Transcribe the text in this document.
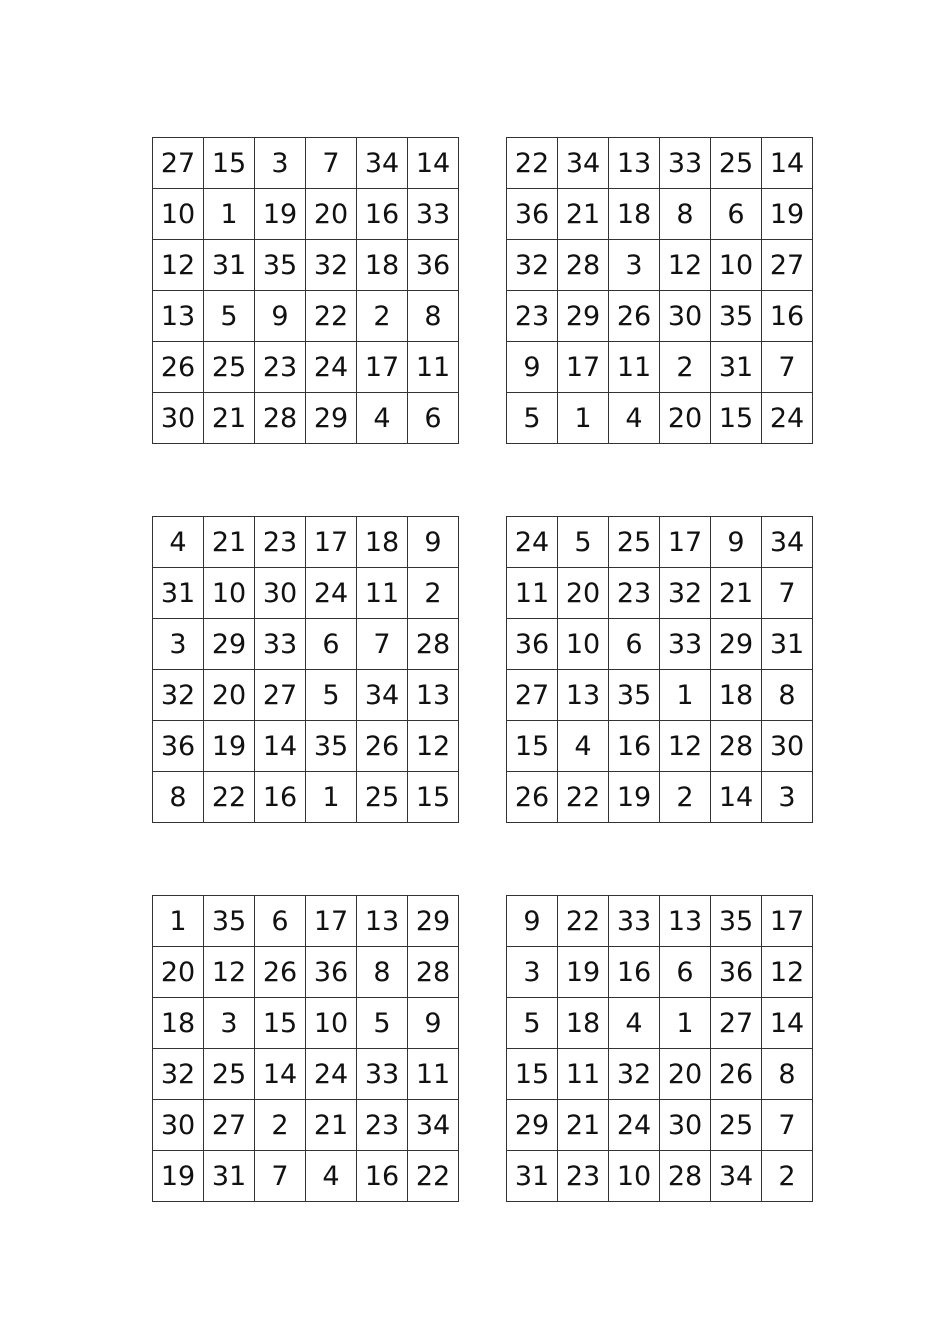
27	15	3	7	34	14
10	1	19	20	16	33
12	31	35	32	18	36
13	5	9	22	2	8
26	25	23	24	17	11
30	21	28	29	4	6
22	34	13	33	25	14
36	21	18	8	6	19
32	28	3	12	10	27
23	29	26	30	35	16
9	17	11	2	31	7
5	1	4	20	15	24
4	21	23	17	18	9
31	10	30	24	11	2
3	29	33	6	7	28
32	20	27	5	34	13
36	19	14	35	26	12
8	22	16	1	25	15
24	5	25	17	9	34
11	20	23	32	21	7
36	10	6	33	29	31
27	13	35	1	18	8
15	4	16	12	28	30
26	22	19	2	14	3
1	35	6	17	13	29
20	12	26	36	8	28
18	3	15	10	5	9
32	25	14	24	33	11
30	27	2	21	23	34
19	31	7	4	16	22
9	22	33	13	35	17
3	19	16	6	36	12
5	18	4	1	27	14
15	11	32	20	26	8
29	21	24	30	25	7
31	23	10	28	34	2
